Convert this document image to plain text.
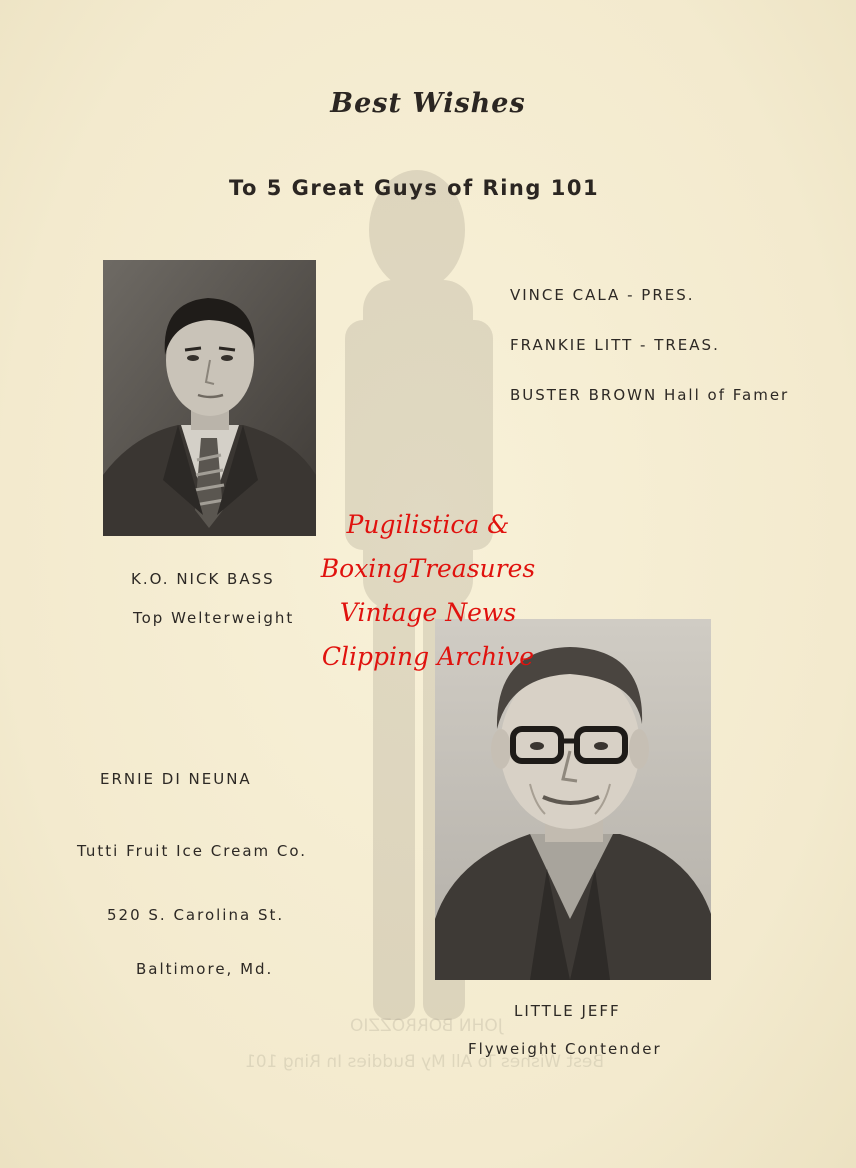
JOHN BORROZZIO
Best Wishes To All My Buddies In Ring 101
Best Wishes
To 5 Great Guys of Ring 101
VINCE CALA - PRES.
FRANKIE LITT - TREAS.
BUSTER BROWN Hall of Famer
K.O. NICK BASS
Top Welterweight
ERNIE DI NEUNA
Tutti Fruit Ice Cream Co.
520 S. Carolina St.
Baltimore, Md.
LITTLE JEFF
Flyweight Contender
Pugilistica &
BoxingTreasures
Vintage News
Clipping Archive
